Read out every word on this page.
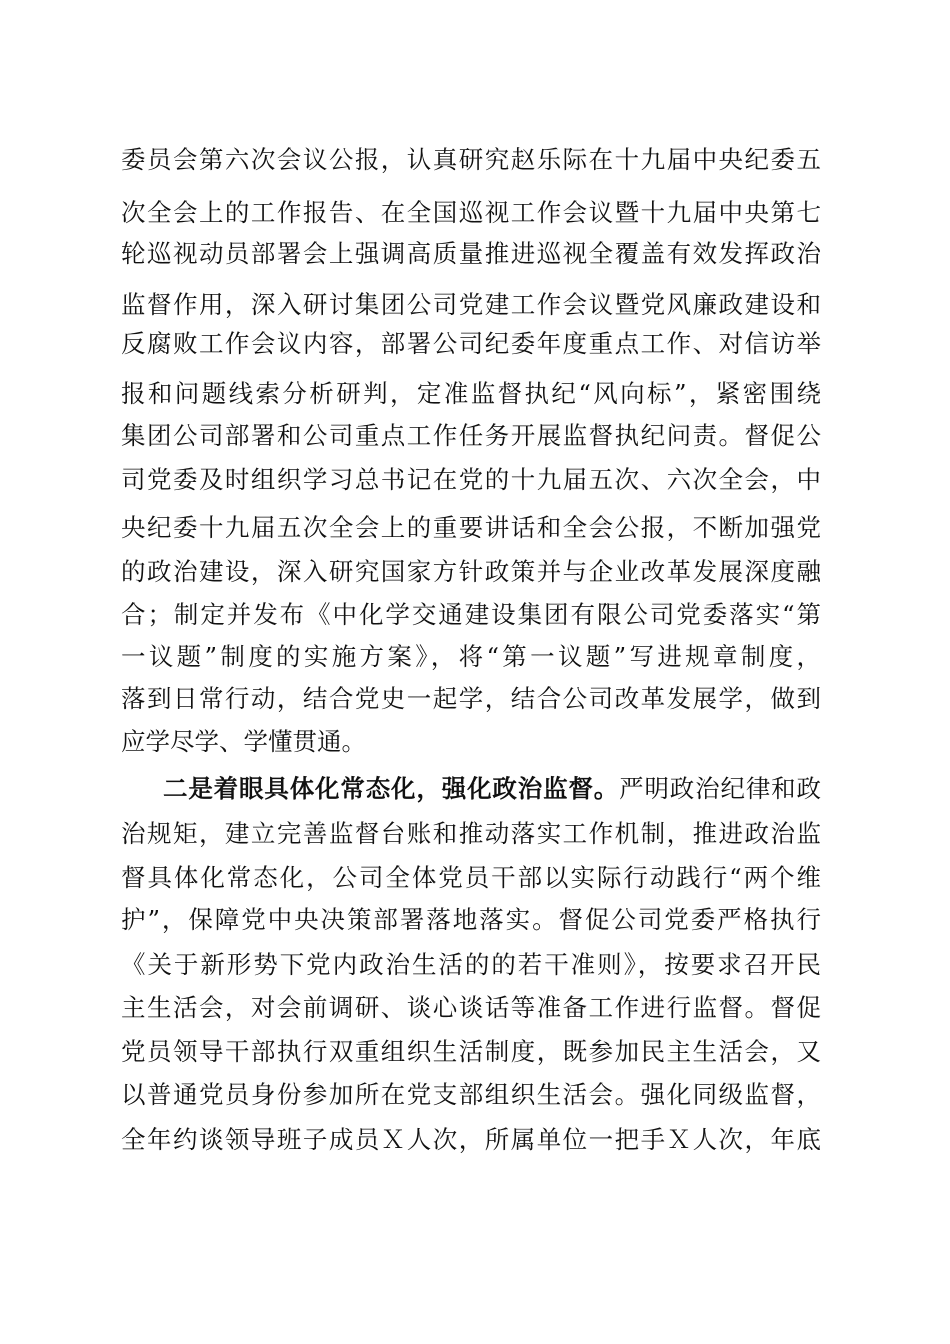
委员会第六次会议公报，认真研究赵乐际在十九届中央纪委五
次全会上的工作报告、在全国巡视工作会议暨十九届中央第七
轮巡视动员部署会上强调高质量推进巡视全覆盖有效发挥政治
监督作用，深入研讨集团公司党建工作会议暨党风廉政建设和
反腐败工作会议内容，部署公司纪委年度重点工作、对信访举
报和问题线索分析研判，定准监督执纪“风向标”，紧密围绕
集团公司部署和公司重点工作任务开展监督执纪问责。督促公
司党委及时组织学习总书记在党的十九届五次、六次全会，中
央纪委十九届五次全会上的重要讲话和全会公报，不断加强党
的政治建设，深入研究国家方针政策并与企业改革发展深度融
合；制定并发布《中化学交通建设集团有限公司党委落实“第
一议题”制度的实施方案》，将“第一议题”写进规章制度，
落到日常行动，结合党史一起学，结合公司改革发展学，做到
应学尽学、学懂贯通。
二是着眼具体化常态化，强化政治监督。严明政治纪律和政
治规矩，建立完善监督台账和推动落实工作机制，推进政治监
督具体化常态化，公司全体党员干部以实际行动践行“两个维
护”，保障党中央决策部署落地落实。督促公司党委严格执行
《关于新形势下党内政治生活的的若干准则》，按要求召开民
主生活会，对会前调研、谈心谈话等准备工作进行监督。督促
党员领导干部执行双重组织生活制度，既参加民主生活会，又
以普通党员身份参加所在党支部组织生活会。强化同级监督，
全年约谈领导班子成员Ｘ人次，所属单位一把手Ｘ人次，年底
